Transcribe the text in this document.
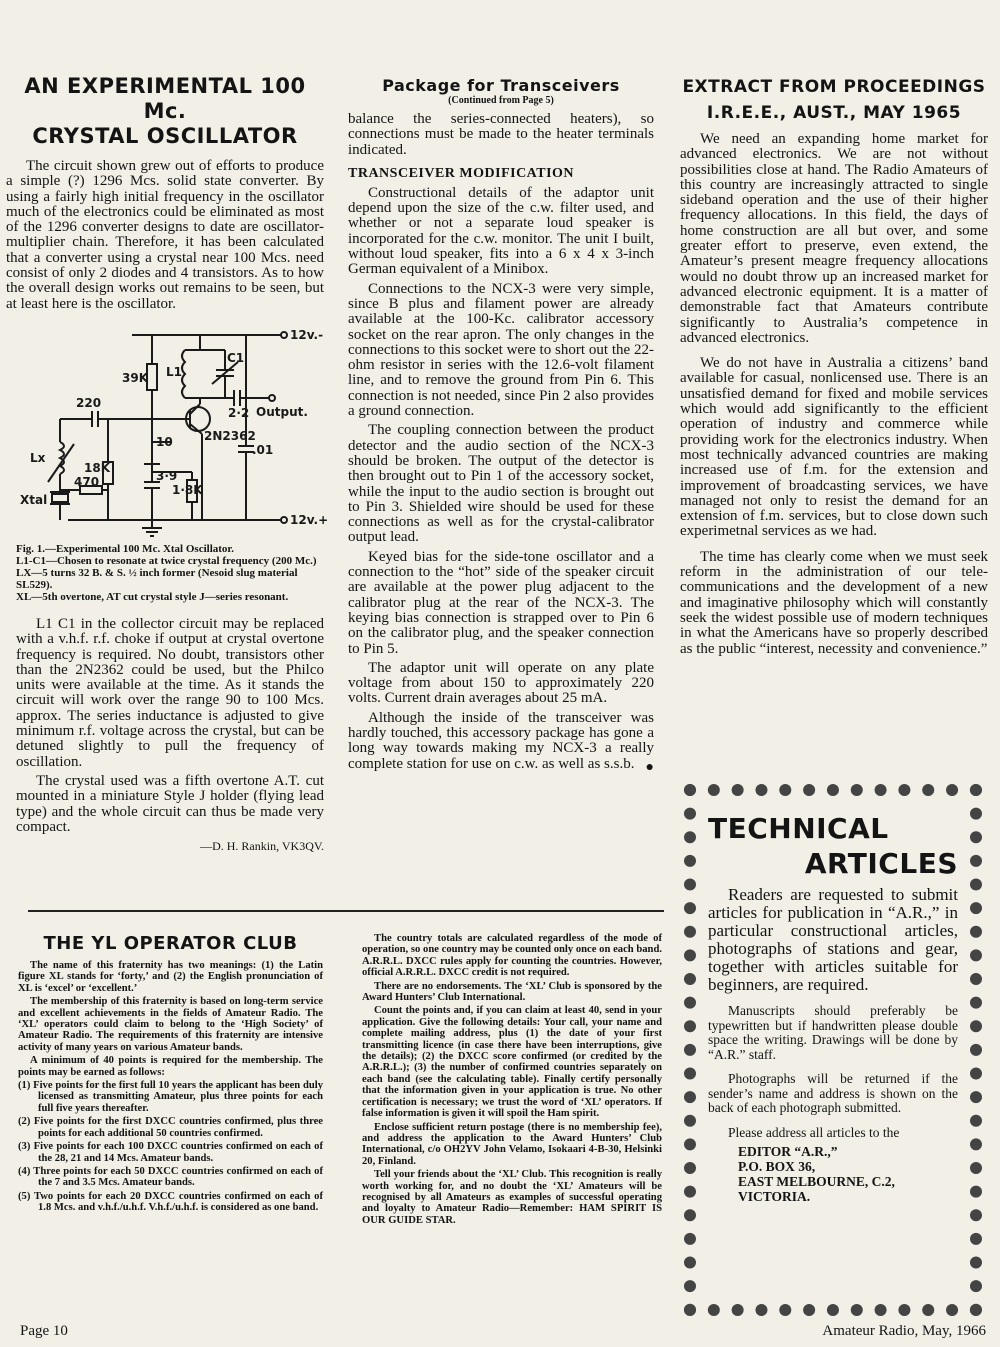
AN EXPERIMENTAL 100 Mc.
CRYSTAL OSCILLATOR

The circuit shown grew out of efforts to produce a simple (?) 1296 Mcs. solid state converter. By using a fairly high initial frequency in the oscillator much of the electronics could be eliminated as most of the 1296 converter designs to date are oscillator-multiplier chain. Therefore, it has been calculated that a converter using a crystal near 100 Mcs. need consist of only 2 diodes and 4 transistors. As to how the overall design works out remains to be seen, but at least here is the oscillator.

12v.-
12v.+
Output.
39K L1
C1
2·2
220
2N2362
.01
10
Lx
18K
470	3·9
1·8K
Xtal
Fig. 1.—Experimental 100 Mc. Xtal Oscillator.
L1-C1—Chosen to resonate at twice crystal frequency (200 Mc.)
LX—5 turns 32 B. & S. ½ inch former (Nesoid slug material SL529).
XL—5th overtone, AT cut crystal style J—series resonant.

L1 C1 in the collector circuit may be replaced with a v.h.f. r.f. choke if output at crystal overtone frequency is required. No doubt, transistors other than the 2N2362 could be used, but the Philco units were available at the time. As it stands the circuit will work over the range 90 to 100 Mcs. approx. The series inductance is adjusted to give minimum r.f. voltage across the crystal, but can be detuned slightly to pull the frequency of oscillation.

The crystal used was a fifth overtone A.T. cut mounted in a miniature Style J holder (flying lead type) and the whole circuit can thus be made very compact.

—D. H. Rankin, VK3QV.
Package for Transceivers
(Continued from Page 5)

balance the series-connected heaters), so connections must be made to the heater terminals indicated.

TRANSCEIVER MODIFICATION

Constructional details of the adaptor unit depend upon the size of the c.w. filter used, and whether or not a separate loud speaker is incorporated for the c.w. monitor. The unit I built, without loud speaker, fits into a 6 x 4 x 3-inch German equivalent of a Minibox.

Connections to the NCX-3 were very simple, since B plus and filament power are already available at the 100-Kc. calibrator accessory socket on the rear apron. The only changes in the connections to this socket were to short out the 22-ohm resistor in series with the 12.6-volt filament line, and to remove the ground from Pin 6. This connection is not needed, since Pin 2 also provides a ground connection.

The coupling connection between the product detector and the audio section of the NCX-3 should be broken. The output of the detector is then brought out to Pin 1 of the accessory socket, while the input to the audio section is brought out to Pin 3. Shielded wire should be used for these connections as well as for the crystal-calibrator output lead.

Keyed bias for the side-tone oscillator and a connection to the “hot” side of the speaker circuit are available at the power plug adjacent to the calibrator plug at the rear of the NCX-3. The keying bias connection is strapped over to Pin 6 on the calibrator plug, and the speaker connection to Pin 5.

The adaptor unit will operate on any plate voltage from about 150 to approximately 220 volts. Current drain averages about 25 mA.

Although the inside of the transceiver was hardly touched, this accessory package has gone a long way towards making my NCX-3 a really complete station for use on c.w. as well as s.s.b. ●
EXTRACT FROM PROCEEDINGS
I.R.E.E., AUST., MAY 1965

We need an expanding home market for advanced electronics. We are not without possibilities close at hand. The Radio Amateurs of this country are increasingly attracted to single sideband operation and the use of their higher frequency allocations. In this field, the days of home construction are all but over, and some greater effort to preserve, even extend, the Amateur’s present meagre frequency allocations would no doubt throw up an increased market for advanced electronic equipment. It is a matter of demonstrable fact that Amateurs contribute significantly to Australia’s competence in advanced electronics.

We do not have in Australia a citizens’ band available for casual, nonlicensed use. There is an unsatisfied demand for fixed and mobile services which would add significantly to the efficient operation of industry and commerce while providing work for the electronics industry. When most technically advanced countries are making increased use of f.m. for the extension and improvement of broadcasting services, we have managed not only to resist the demand for an extension of f.m. services, but to close down such experimetnal services as we had.

The time has clearly come when we must seek reform in the administration of our tele-communications and the development of a new and imaginative philosophy which will constantly seek the widest possible use of modern techniques in what the Americans have so properly described as the public “interest, necessity and convenience.”

TECHNICAL
ARTICLES

Readers are requested to submit articles for publication in “A.R.,” in particular constructional articles, photographs of stations and gear, together with articles suitable for beginners, are required.

Manuscripts should preferably be typewritten but if handwritten please double space the writing. Drawings will be done by “A.R.” staff.

Photographs will be returned if the sender’s name and address is shown on the back of each photograph submitted.

Please address all articles to the

EDITOR “A.R.,”
P.O. BOX 36,
EAST MELBOURNE, C.2,
VICTORIA.
THE YL OPERATOR CLUB

The name of this fraternity has two meanings: (1) the Latin figure XL stands for ‘forty,’ and (2) the English pronunciation of XL is ‘excel’ or ‘excellent.’

The membership of this fraternity is based on long-term service and excellent achievements in the fields of Amateur Radio. The ‘XL’ operators could claim to belong to the ‘High Society’ of Amateur Radio. The requirements of this fraternity are intensive activity of many years on various Amateur bands.

A minimum of 40 points is required for the membership. The points may be earned as follows:

(1) Five points for the first full 10 years the applicant has been duly licensed as transmitting Amateur, plus three points for each full five years thereafter.

(2) Five points for the first DXCC countries confirmed, plus three points for each additional 50 countries confirmed.

(3) Five points for each 100 DXCC countries confirmed on each of the 28, 21 and 14 Mcs. Amateur bands.

(4) Three points for each 50 DXCC countries confirmed on each of the 7 and 3.5 Mcs. Amateur bands.

(5) Two points for each 20 DXCC countries confirmed on each of 1.8 Mcs. and v.h.f./u.h.f. V.h.f./u.h.f. is considered as one band.

The country totals are calculated regardless of the mode of operation, so one country may be counted only once on each band. A.R.R.L. DXCC rules apply for counting the countries. However, official A.R.R.L. DXCC credit is not required.

There are no endorsements. The ‘XL’ Club is sponsored by the Award Hunters’ Club International.

Count the points and, if you can claim at least 40, send in your application. Give the following details: Your call, your name and complete mailing address, plus (1) the date of your first transmitting licence (in case there have been interruptions, give the details); (2) the DXCC score confirmed (or credited by the A.R.R.L.); (3) the number of confirmed countries separately on each band (see the calculating table). Finally certify personally that the information given in your application is true. No other certification is necessary; we trust the word of ‘XL’ operators. If false information is given it will spoil the Ham spirit.

Enclose sufficient return postage (there is no membership fee), and address the application to the Award Hunters’ Club International, c/o OH2YV John Velamo, Isokaari 4-B-30, Helsinki 20, Finland.

Tell your friends about the ‘XL’ Club. This recognition is really worth working for, and no doubt the ‘XL’ Amateurs will be recognised by all Amateurs as examples of successful operating and loyalty to Amateur Radio—Remember: HAM SPIRIT IS OUR GUIDE STAR.

Page 10	Amateur Radio, May, 1966
